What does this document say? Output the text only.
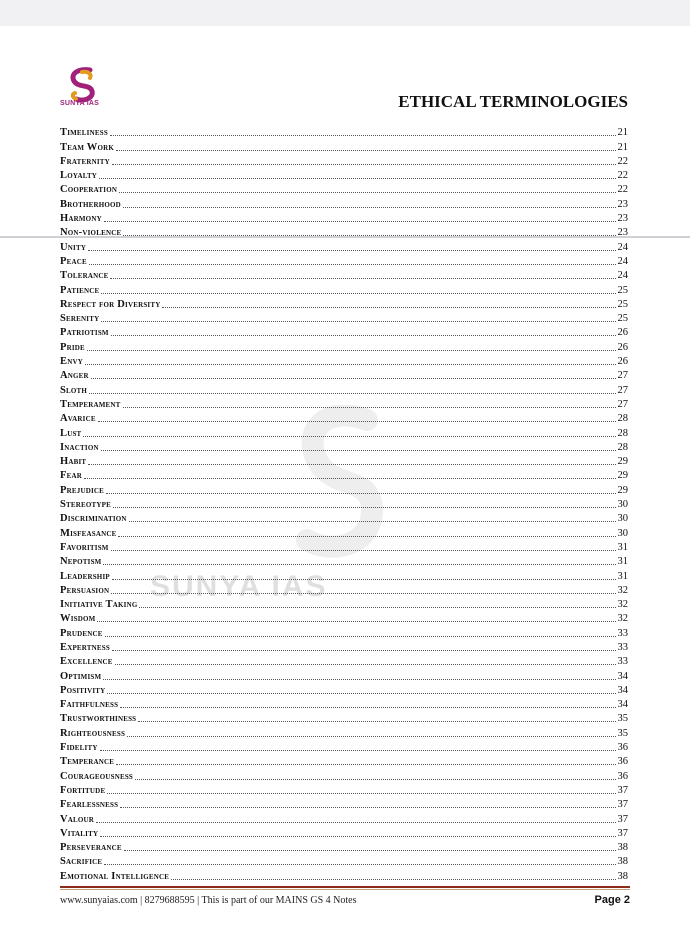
SUNYA IAS	ETHICAL TERMINOLOGIES
SUNYA IAS
Timeliness	21
Team Work	21
Fraternity	22
Loyalty	22
Cooperation	22
Brotherhood	23
Harmony	23
Non-violence	23
Unity	24
Peace	24
Tolerance	24
Patience	25
Respect for Diversity	25
Serenity	25
Patriotism	26
Pride	26
Envy	26
Anger	27
Sloth	27
Temperament	27
Avarice	28
Lust	28
Inaction	28
Habit	29
Fear	29
Prejudice	29
Stereotype	30
Discrimination	30
Misfeasance	30
Favoritism	31
Nepotism	31
Leadership	31
Persuasion	32
Initiative Taking	32
Wisdom	32
Prudence	33
Expertness	33
Excellence	33
Optimism	34
Positivity	34
Faithfulness	34
Trustworthiness	35
Righteousness	35
Fidelity	36
Temperance	36
Courageousness	36
Fortitude	37
Fearlessness	37
Valour	37
Vitality	37
Perseverance	38
Sacrifice	38
Emotional Intelligence	38
www.sunyaias.com | 8279688595 | This is part of our MAINS GS 4 Notes	Page 2
